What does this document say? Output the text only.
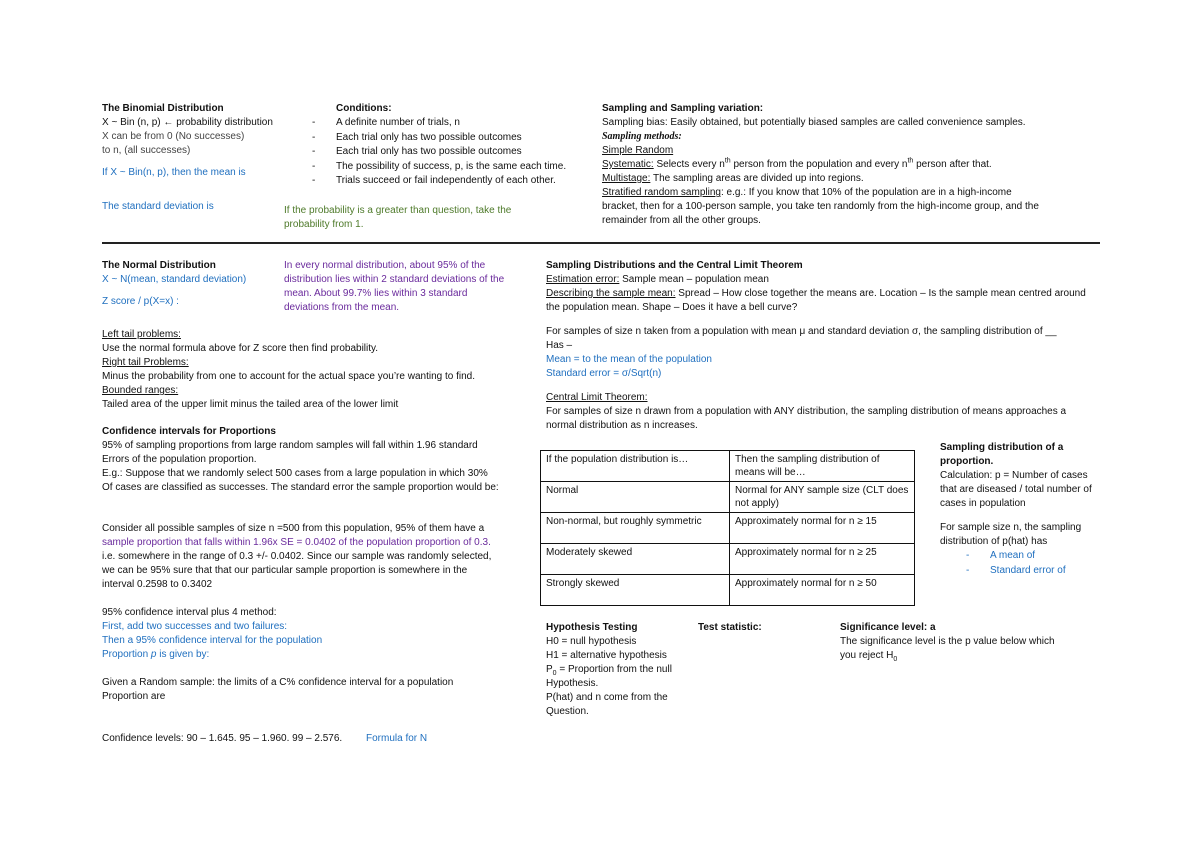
The Binomial Distribution
X ~ Bin (n, p) ← probability distribution
X can be from 0 (No successes)
to n, (all successes)
If X ~ Bin(n, p), then the mean is
The standard deviation is
Conditions:
- A definite number of trials, n
- Each trial only has two possible outcomes
- Each trial only has two possible outcomes
- The possibility of success, p, is the same each time.
- Trials succeed or fail independently of each other.
If the probability is a greater than question, take the
probability from 1.
Sampling and Sampling variation:
Sampling bias: Easily obtained, but potentially biased samples are called convenience samples.
Sampling methods:
Simple Random
Systematic: Selects every $n^{th}$ person from the population and every $n^{th}$ person after that.
Multistage: The sampling areas are divided up into regions.
Stratified random sampling: e.g.: If you know that 10% of the population are in a high-income
bracket, then for a 100-person sample, you take ten randomly from the high-income group, and the
remainder from all the other groups.
The Normal Distribution
X ~ N(mean, standard deviation)
Z score / p(X=x) :
In every normal distribution, about 95% of the
distribution lies within 2 standard deviations of the
mean. About 99.7% lies within 3 standard
deviations from the mean.
Left tail problems:
Use the normal formula above for Z score then find probability.
Right tail Problems:
Minus the probability from one to account for the actual space you’re wanting to find.
Bounded ranges:
Tailed area of the upper limit minus the tailed area of the lower limit
Confidence intervals for Proportions
95% of sampling proportions from large random samples will fall within 1.96 standard
Errors of the population proportion.
E.g.: Suppose that we randomly select 500 cases from a large population in which 30%
Of cases are classified as successes. The standard error the sample proportion would be:
Consider all possible samples of size n =500 from this population, 95% of them have a
sample proportion that falls within 1.96x SE = 0.0402 of the population proportion of 0.3.
i.e. somewhere in the range of 0.3 +/- 0.0402. Since our sample was randomly selected,
we can be 95% sure that that our particular sample proportion is somewhere in the
interval 0.2598 to 0.3402
95% confidence interval plus 4 method:
First, add two successes and two failures:
Then a 95% confidence interval for the population
Proportion p is given by:
Given a Random sample: the limits of a C% confidence interval for a population
Proportion are
Confidence levels: 90 – 1.645. 95 – 1.960. 99 – 2.576. Formula for N
Sampling Distributions and the Central Limit Theorem
Estimation error: Sample mean – population mean
Describing the sample mean: Spread – How close together the means are. Location – Is the sample mean centred around
the population mean. Shape – Does it have a bell curve?
For samples of size n taken from a population with mean μ and standard deviation σ, the sampling distribution of __
Has –
Mean = to the mean of the population
Standard error = σ/Sqrt(n)
Central Limit Theorem:
For samples of size n drawn from a population with ANY distribution, the sampling distribution of means approaches a
normal distribution as n increases.
If the population distribution is…	Then the sampling distribution of means will be…
Normal	Normal for ANY sample size (CLT does not apply)
Non-normal, but roughly symmetric	Approximately normal for n ≥ 15
Moderately skewed	Approximately normal for n ≥ 25
Strongly skewed	Approximately normal for n ≥ 50
Sampling distribution of a
proportion.
Calculation: p = Number of cases
that are diseased / total number of
cases in population
For sample size n, the sampling
distribution of p(hat) has
- A mean of
- Standard error of
Hypothesis Testing
H0 = null hypothesis
H1 = alternative hypothesis
$P_0$ = Proportion from the null
Hypothesis.
P(hat) and n come from the
Question.
Test statistic:	Significance level: a
The significance level is the p value below which
you reject $H_0$
